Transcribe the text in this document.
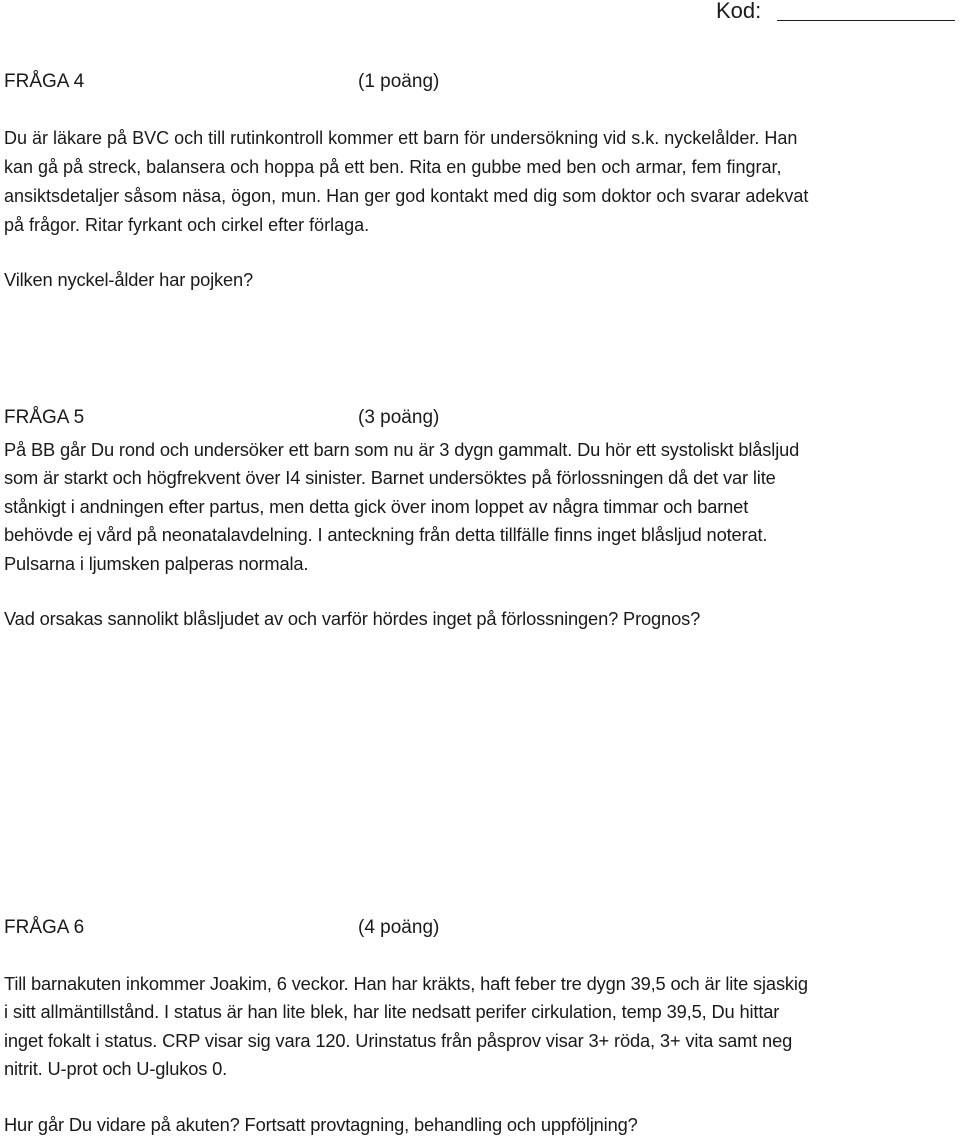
Kod:
FRÅGA 4	(1 poäng)
Du är läkare på BVC och till rutinkontroll kommer ett barn för undersökning vid s.k. nyckelålder. Han
kan gå på streck, balansera och hoppa på ett ben. Rita en gubbe med ben och armar, fem fingrar,
ansiktsdetaljer såsom näsa, ögon, mun. Han ger god kontakt med dig som doktor och svarar adekvat
på frågor. Ritar fyrkant och cirkel efter förlaga.
Vilken nyckel-ålder har pojken?
FRÅGA 5	(3 poäng)
På BB går Du rond och undersöker ett barn som nu är 3 dygn gammalt. Du hör ett systoliskt blåsljud
som är starkt och högfrekvent över I4 sinister. Barnet undersöktes på förlossningen då det var lite
stånkigt i andningen efter partus, men detta gick över inom loppet av några timmar och barnet
behövde ej vård på neonatalavdelning. I anteckning från detta tillfälle finns inget blåsljud noterat.
Pulsarna i ljumsken palperas normala.
Vad orsakas sannolikt blåsljudet av och varför hördes inget på förlossningen? Prognos?
FRÅGA 6	(4 poäng)
Till barnakuten inkommer Joakim, 6 veckor. Han har kräkts, haft feber tre dygn 39,5 och är lite sjaskig
i sitt allmäntillstånd. I status är han lite blek, har lite nedsatt perifer cirkulation, temp 39,5, Du hittar
inget fokalt i status. CRP visar sig vara 120. Urinstatus från påsprov visar 3+ röda, 3+ vita samt neg
nitrit. U-prot och U-glukos 0.
Hur går Du vidare på akuten? Fortsatt provtagning, behandling och uppföljning?
